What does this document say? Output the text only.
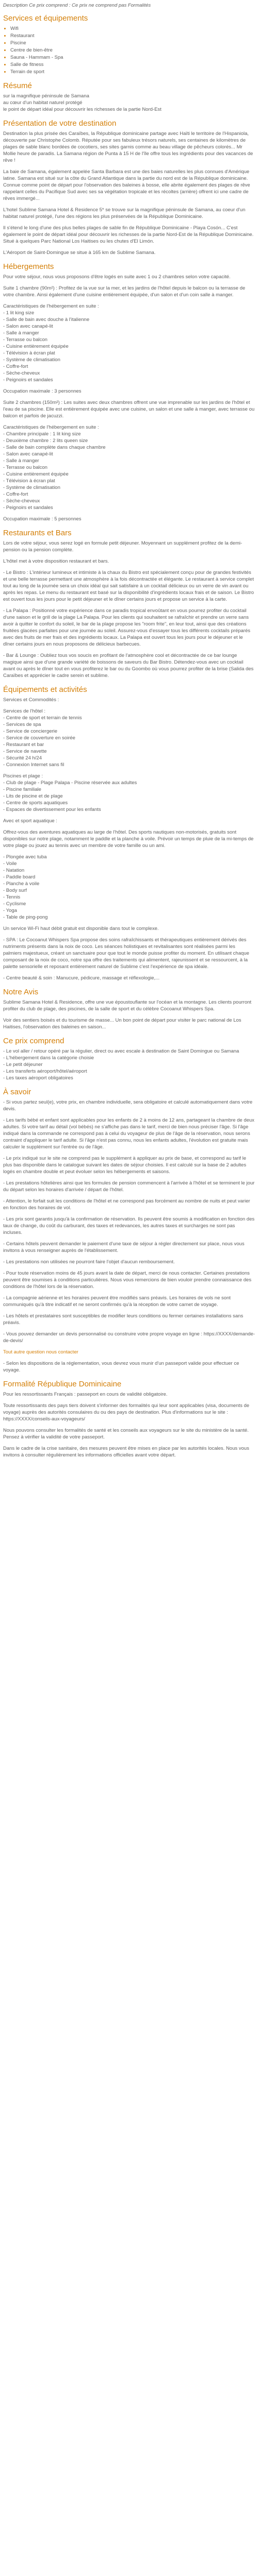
Description Ce prix comprend : Ce prix ne comprend pas Formalités

Services et équipements
• Wifi
• Restaurant
• Piscine
• Centre de bien-être
• Sauna - Hammam - Spa
• Salle de fitness
• Terrain de sport
Résumé
sur la magnifique péninsule de Samana
au cœur d'un habitat naturel protégé
le point de départ idéal pour découvrir les richesses de la partie Nord-Est
Présentation de votre destination

Destination la plus prisée des Caraïbes, la République dominicaine partage avec Haïti le territoire de l'Hispaniola, découverte par Christophe Colomb. Réputée pour ses fabuleux trésors naturels, ses centaines de kilomètres de plages de sable blanc bordées de cocotiers, ses sites garnis comme au beau village de pêcheurs colorés... Mr Mollie heure de paradis. La Samana région de Punta à 15 H de l'île offre tous les ingrédients pour des vacances de rêve !

La baie de Samana, également appelée Santa Barbara est une des baies naturelles les plus connues d'Amérique latine. Samana est situé sur la côte du Grand Atlantique dans la partie du nord est de la République dominicaine. Connue comme point de départ pour l'observation des baleines à bosse, elle abrite également des plages de rêve rappelant celles du Pacifique Sud avec ses sa végétation tropicale et les récoltes (arrière) offrent ici une cadre de rêves immergé...

L'hotel Sublime Samana Hotel & Residence 5* se trouve sur la magnifique péninsule de Samana, au coeur d'un habitat naturel protégé, l'une des régions les plus préservées de la République Dominicaine.

Il s'étend le long d'une des plus belles plages de sable fin de République Dominicaine - Playa Cosón... C'est également le point de départ idéal pour découvrir les richesses de la partie Nord-Est de la République Dominicaine. Situé à quelques Parc National Los Haitises ou les chutes d'El Limón.

L'Aéroport de Saint-Domingue se situe à 165 km de Sublime Samana.

Hébergements

Pour votre séjour, nous vous proposons d'être logés en suite avec 1 ou 2 chambres selon votre capacité.

Suite 1 chambre (90m²) : Profitez de la vue sur la mer, et les jardins de l'hôtel depuis le balcon ou la terrasse de votre chambre. Ainsi également d'une cuisine entièrement équipée, d'un salon et d'un coin salle à manger.

Caractéristiques de l'hébergement en suite :
- 1 lit king size
- Salle de bain avec douche à l'italienne
- Salon avec canapé-lit
- Salle à manger
- Terrasse ou balcon
- Cuisine entièrement équipée
- Télévision à écran plat
- Système de climatisation
- Coffre-fort
- Sèche-cheveux
- Peignoirs et sandales

Occupation maximale : 3 personnes

Suite 2 chambres (150m²) : Les suites avec deux chambres offrent une vue imprenable sur les jardins de l'hôtel et l'eau de sa piscine. Elle est entièrement équipée avec une cuisine, un salon et une salle à manger, avec terrasse ou balcon et parfois de jacuzzi.

Caractéristiques de l'hébergement en suite :
- Chambre principale : 1 lit king size
- Deuxième chambre : 2 lits queen size
- Salle de bain complète dans chaque chambre
- Salon avec canapé-lit
- Salle à manger
- Terrasse ou balcon
- Cuisine entièrement équipée
- Télévision à écran plat
- Système de climatisation
- Coffre-fort
- Sèche-cheveux
- Peignoirs et sandales

Occupation maximale : 5 personnes

Restaurants et Bars

Lors de votre séjour, vous serez logé en formule petit déjeuner. Moyennant un supplément profitez de la demi-pension ou la pension complète.

L'hôtel met à votre disposition restaurant et bars.

- Le Bistro : L'intérieur lumineux et intimiste à la chaux du Bistro est spécialement conçu pour de grandes festivités et une belle terrasse permettant une atmosphère à la fois décontractée et élégante. Le restaurant à service complet tout au long de la journée sera un choix idéal qui sait satisfaire à un cocktail délicieux ou un verre de vin avant ou après les repas. Le menu du restaurant est basé sur la disponibilité d'ingrédients locaux frais et de saison. Le Bistro est ouvert tous les jours pour le petit déjeuner et le dîner certains jours et propose un service à la carte.

- La Palapa : Positionné votre expérience dans ce paradis tropical envoûtant en vous pourrez profiter du cocktail d'une saison et le grill de la plage La Palapa. Pour les clients qui souhaitent se rafraîchir et prendre un verre sans avoir à quitter le confort du soleil, le bar de la plage propose les "room frite", en leur tout, ainsi que des créations fruitées glacées parfaites pour une journée au soleil. Assurez-vous d'essayer tous les différents cocktails préparés avec des fruits de mer frais et des ingrédients locaux. La Palapa est ouvert tous les jours pour le déjeuner et le dîner certains jours en nous proposons de délicieux barbecues.

- Bar & Lounge : Oubliez tous vos soucis en profitant de l'atmosphère cool et décontractée de ce bar lounge magique ainsi que d'une grande variété de boissons de saveurs du Bar Bistro. Détendez-vous avec un cocktail avant ou après le dîner tout en vous profiterez le bar ou du Goombo où vous pourrez profiter de la brise (Salida des Caraïbes et apprécier le cadre serein et sublime.

Équipements et activités

Services et Commodités :

Services de l'hôtel :
- Centre de sport et terrain de tennis
- Services de spa
- Service de conciergerie
- Service de couverture en soirée
- Restaurant et bar
- Service de navette
- Sécurité 24 h/24
- Connexion Internet sans fil
Piscines et plage :
- Club de plage - Plage Palapa - Piscine réservée aux adultes
- Piscine familiale
- Lits de piscine et de plage
- Centre de sports aquatiques
- Espaces de divertissement pour les enfants

Avec et sport aquatique :

Offrez-vous des aventures aquatiques au large de l'hôtel. Des sports nautiques non-motorisés, gratuits sont disponibles sur notre plage, notamment le paddle et la planche à voile. Prévoir un temps de pluie de la mi-temps de votre plage ou jouez au tennis avec un membre de votre famille ou un ami.

- Plongée avec tuba
- Voile
- Natation
- Paddle board
- Planche à voile
- Body surf
- Tennis
- Cyclisme
- Yoga
- Table de ping-pong

Un service Wi-Fi haut débit gratuit est disponible dans tout le complexe.

- SPA : Le Cocoanut Whispers Spa propose des soins rafraîchissants et thérapeutiques entièrement dérivés des nutriments présents dans la noix de coco. Les séances holistiques et revitalisantes sont réalisées parmi les palmiers majestueux, créant un sanctuaire pour que tout le monde puisse profiter du moment. En utilisant chaque composant de la noix de coco, notre spa offre des traitements qui alimentent, rajeunissent et se ressourcent, à la palette sensorielle et reposant entièrement naturel de Sublime c'est l'expérience de spa idéale.

- Centre beauté & soin : Manucure, pédicure, massage et réflexologie,...

Notre Avis

Sublime Samana Hotel & Residence, offre une vue époustouflante sur l'océan et la montagne. Les clients pourront profiter du club de plage, des piscines, de la salle de sport et du célèbre Cocoanut Whispers Spa.

Voir des sentiers boisés et du tourisme de masse... Un bon point de départ pour visiter le parc national de Los Haitises, l'observation des baleines en saison...

Ce prix comprend
- Le vol aller / retour opéré par la régulier, direct ou avec escale à destination de Saint Domingue ou Samana
- L'hébergement dans la catégorie choisie
- Le petit déjeuner
- Les transferts aéroport/hôtel/aéroport
- Les taxes aéroport obligatoires
À savoir

- Si vous partez seul(e), votre prix, en chambre individuelle, sera obligatoire et calculé automatiquement dans votre devis.

- Les tarifs bébé et enfant sont applicables pour les enfants de 2 à moins de 12 ans, partageant la chambre de deux adultes. Si votre tarif au détail (vol bébés) ne s'affiche pas dans le tarif, merci de bien nous préciser l'âge. Si l'âge indiqué dans la commande ne correspond pas à celui du voyageur de plus de l'âge de la réservation, nous serons contraint d'appliquer le tarif adulte. Si l'âge n'est pas connu, nous les enfants adultes, l'évolution est gratuite mais calculer le supplément sur l'entrée ou de l'âge.

- Le prix indiqué sur le site ne comprend pas le supplément à appliquer au prix de base, et correspond au tarif le plus bas disponible dans le catalogue suivant les dates de séjour choisies. Il est calculé sur la base de 2 adultes logés en chambre double et peut évoluer selon les hébergements et saisons.

- Les prestations hôtelières ainsi que les formules de pension commencent à l'arrivée à l'hôtel et se terminent le jour du départ selon les horaires d'arrivée / départ de l'hôtel.

- Attention, le forfait suit les conditions de l'hôtel et ne correspond pas forcément au nombre de nuits et peut varier en fonction des horaires de vol.

- Les prix sont garantis jusqu'à la confirmation de réservation. Ils peuvent être soumis à modification en fonction des taux de change, du coût du carburant, des taxes et redevances, les autres taxes et surcharges ne sont pas incluses.

- Certains hôtels peuvent demander le paiement d'une taxe de séjour à régler directement sur place, nous vous invitons à vous renseigner auprès de l'établissement.

- Les prestations non utilisées ne pourront faire l'objet d'aucun remboursement.

- Pour toute réservation moins de 45 jours avant la date de départ, merci de nous contacter. Certaines prestations peuvent être soumises à conditions particulières. Nous vous remercions de bien vouloir prendre connaissance des conditions de l'hôtel lors de la réservation.

- La compagnie aérienne et les horaires peuvent être modifiés sans préavis. Les horaires de vols ne sont communiqués qu'à titre indicatif et ne seront confirmés qu'à la réception de votre carnet de voyage.

- Les hôtels et prestataires sont susceptibles de modifier leurs conditions ou fermer certaines installations sans préavis.

- Vous pouvez demander un devis personnalisé ou construire votre propre voyage en ligne : https://XXXX/demande-de-devis/

Tout autre question nous contacter

- Selon les dispositions de la réglementation, vous devrez vous munir d'un passeport valide pour effectuer ce voyage.

Formalité République Dominicaine

Pour les ressortissants Français : passeport en cours de validité obligatoire.

Toute ressortissants des pays tiers doivent s'informer des formalités qui leur sont applicables (visa, documents de voyage) auprès des autorités consulaires du ou des pays de destination. Plus d'informations sur le site : https://XXXX/conseils-aux-voyageurs/

Nous pouvons consulter les formalités de santé et les conseils aux voyageurs sur le site du ministère de la santé. Pensez à vérifier la validité de votre passeport.

Dans le cadre de la crise sanitaire, des mesures peuvent être mises en place par les autorités locales. Nous vous invitons à consulter régulièrement les informations officielles avant votre départ.
